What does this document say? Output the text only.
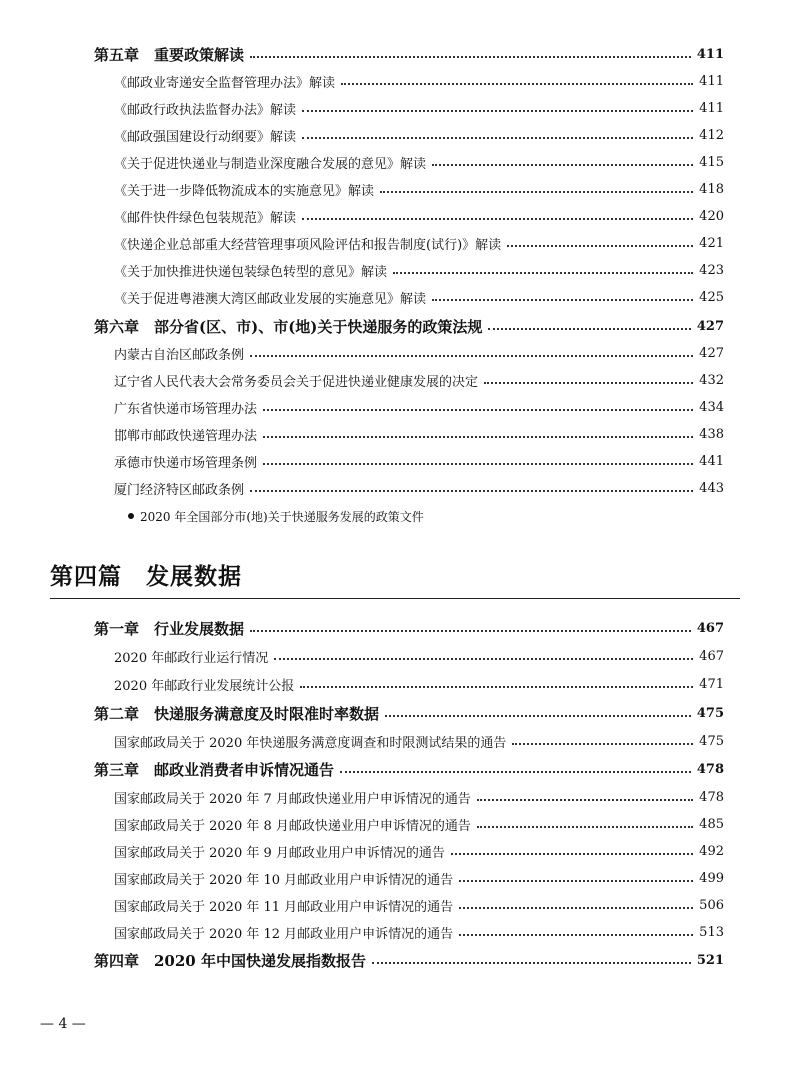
第五章　重要政策解读	411
《邮政业寄递安全监督管理办法》解读	411
《邮政行政执法监督办法》解读	411
《邮政强国建设行动纲要》解读	412
《关于促进快递业与制造业深度融合发展的意见》解读	415
《关于进一步降低物流成本的实施意见》解读	418
《邮件快件绿色包装规范》解读	420
《快递企业总部重大经营管理事项风险评估和报告制度(试行)》解读	421
《关于加快推进快递包装绿色转型的意见》解读	423
《关于促进粤港澳大湾区邮政业发展的实施意见》解读	425
第六章　部分省(区、市)、市(地)关于快递服务的政策法规	427
内蒙古自治区邮政条例	427
辽宁省人民代表大会常务委员会关于促进快递业健康发展的决定	432
广东省快递市场管理办法	434
邯郸市邮政快递管理办法	438
承德市快递市场管理条例	441
厦门经济特区邮政条例	443
2020 年全国部分市(地)关于快递服务发展的政策文件
第四篇 发展数据
第一章　行业发展数据	467
2020 年邮政行业运行情况	467
2020 年邮政行业发展统计公报	471
第二章　快递服务满意度及时限准时率数据	475
国家邮政局关于 2020 年快递服务满意度调查和时限测试结果的通告	475
第三章　邮政业消费者申诉情况通告	478
国家邮政局关于 2020 年 7 月邮政快递业用户申诉情况的通告	478
国家邮政局关于 2020 年 8 月邮政快递业用户申诉情况的通告	485
国家邮政局关于 2020 年 9 月邮政业用户申诉情况的通告	492
国家邮政局关于 2020 年 10 月邮政业用户申诉情况的通告	499
国家邮政局关于 2020 年 11 月邮政业用户申诉情况的通告	506
国家邮政局关于 2020 年 12 月邮政业用户申诉情况的通告	513
第四章　2020 年中国快递发展指数报告	521
— 4 —
